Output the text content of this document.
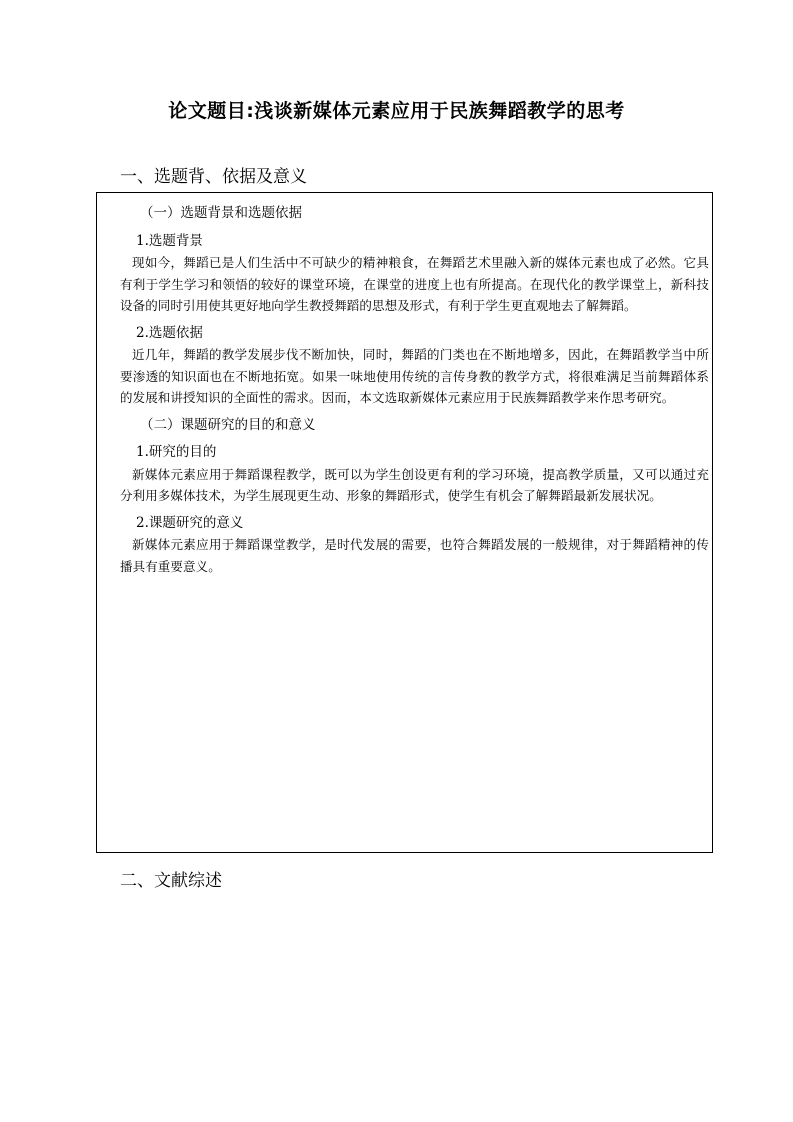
论文题目:浅谈新媒体元素应用于民族舞蹈教学的思考
一、选题背、依据及意义
（一）选题背景和选题依据
1.选题背景

现如今，舞蹈已是人们生活中不可缺少的精神粮食，在舞蹈艺术里融入新的媒体元素也成了必然。它具有利于学生学习和领悟的较好的课堂环境，在课堂的进度上也有所提高。在现代化的教学课堂上，新科技设备的同时引用使其更好地向学生教授舞蹈的思想及形式，有利于学生更直观地去了解舞蹈。

2.选题依据

近几年，舞蹈的教学发展步伐不断加快，同时，舞蹈的门类也在不断地增多，因此，在舞蹈教学当中所要渗透的知识面也在不断地拓宽。如果一味地使用传统的言传身教的教学方式，将很难满足当前舞蹈体系的发展和讲授知识的全面性的需求。因而，本文选取新媒体元素应用于民族舞蹈教学来作思考研究。

（二）课题研究的目的和意义
1.研究的目的

新媒体元素应用于舞蹈课程教学，既可以为学生创设更有利的学习环境，提高教学质量，又可以通过充分利用多媒体技术，为学生展现更生动、形象的舞蹈形式，使学生有机会了解舞蹈最新发展状况。

2.课题研究的意义

新媒体元素应用于舞蹈课堂教学，是时代发展的需要，也符合舞蹈发展的一般规律，对于舞蹈精神的传播具有重要意义。

二、文献综述
